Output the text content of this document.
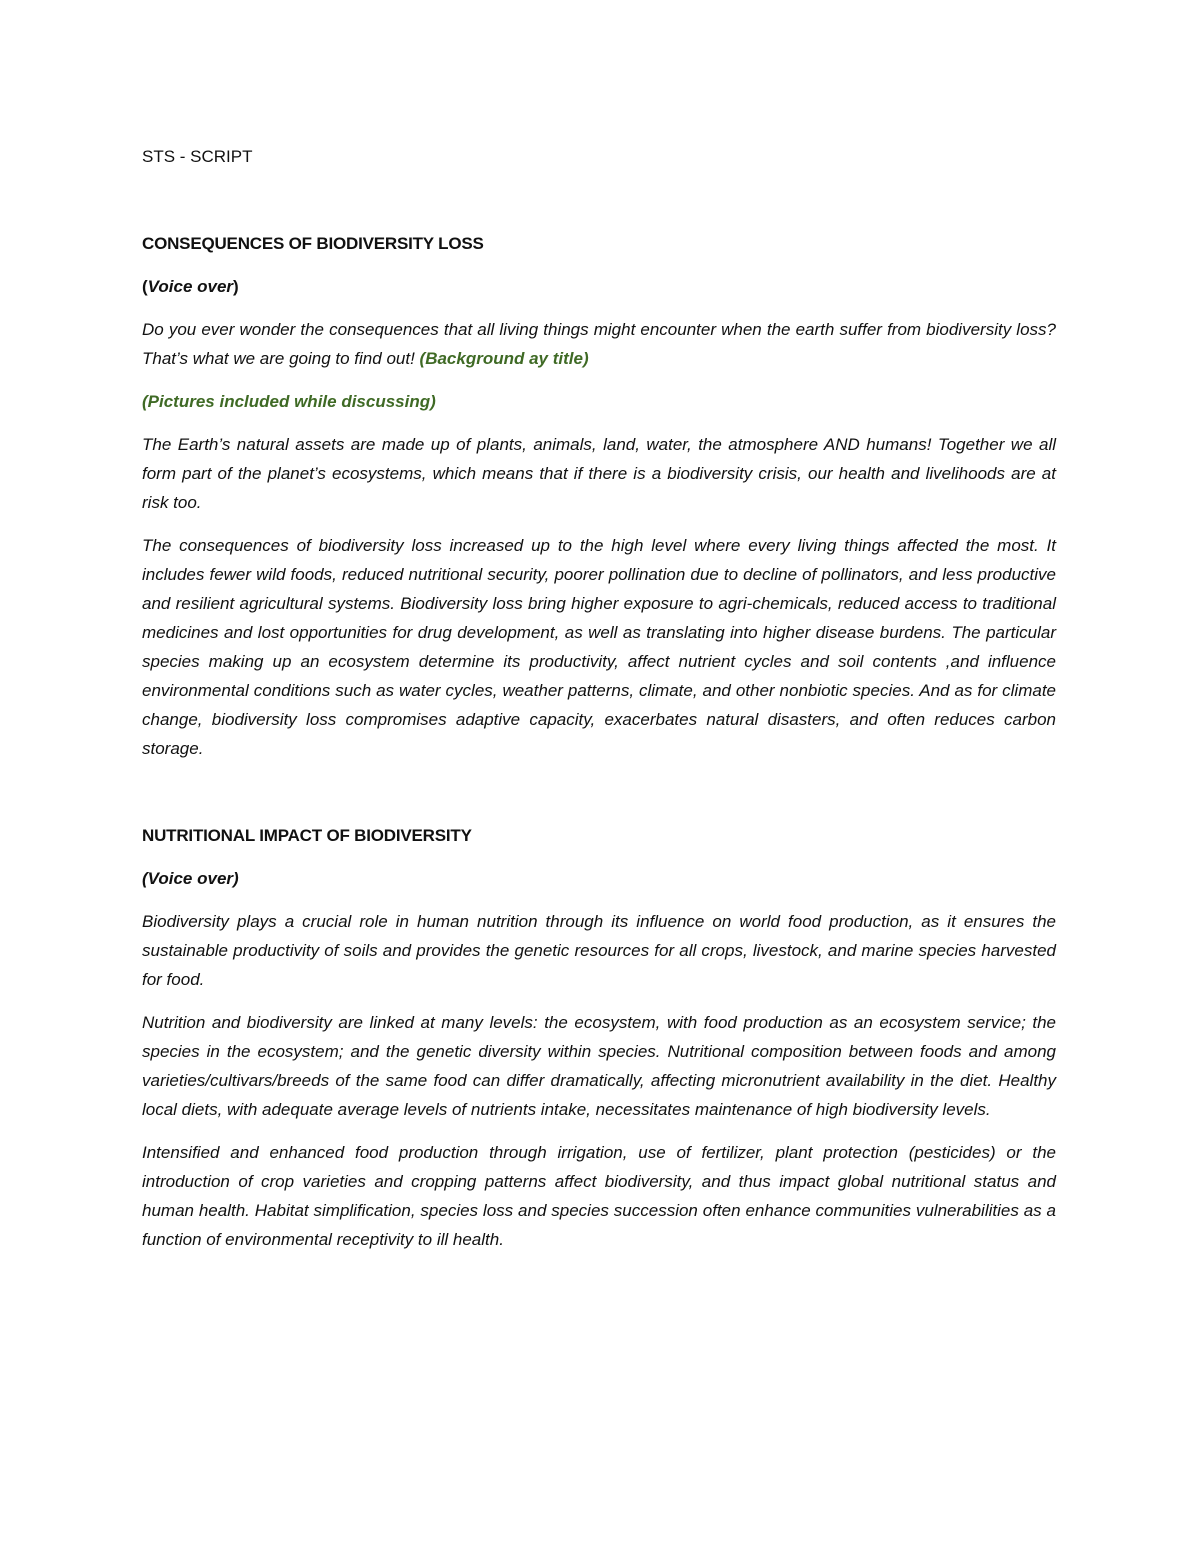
STS - SCRIPT

CONSEQUENCES OF BIODIVERSITY LOSS

(Voice over)

Do you ever wonder the consequences that all living things might encounter when the earth suffer from biodiversity loss? That’s what we are going to find out! (Background ay title)

(Pictures included while discussing)

The Earth’s natural assets are made up of plants, animals, land, water, the atmosphere AND humans! Together we all form part of the planet’s ecosystems, which means that if there is a biodiversity crisis, our health and livelihoods are at risk too.

The consequences of biodiversity loss increased up to the high level where every living things affected the most. It includes fewer wild foods, reduced nutritional security, poorer pollination due to decline of pollinators, and less productive and resilient agricultural systems. Biodiversity loss bring higher exposure to agri-chemicals, reduced access to traditional medicines and lost opportunities for drug development, as well as translating into higher disease burdens. The particular species making up an ecosystem determine its productivity, affect nutrient cycles and soil contents ,and influence environmental conditions such as water cycles, weather patterns, climate, and other nonbiotic species. And as for climate change, biodiversity loss compromises adaptive capacity, exacerbates natural disasters, and often reduces carbon storage.

NUTRITIONAL IMPACT OF BIODIVERSITY

(Voice over)

Biodiversity plays a crucial role in human nutrition through its influence on world food production, as it ensures the sustainable productivity of soils and provides the genetic resources for all crops, livestock, and marine species harvested for food.

Nutrition and biodiversity are linked at many levels: the ecosystem, with food production as an ecosystem service; the species in the ecosystem; and the genetic diversity within species. Nutritional composition between foods and among varieties/cultivars/breeds of the same food can differ dramatically, affecting micronutrient availability in the diet. Healthy local diets, with adequate average levels of nutrients intake, necessitates maintenance of high biodiversity levels.

Intensified and enhanced food production through irrigation, use of fertilizer, plant protection (pesticides) or the introduction of crop varieties and cropping patterns affect biodiversity, and thus impact global nutritional status and human health. Habitat simplification, species loss and species succession often enhance communities vulnerabilities as a function of environmental receptivity to ill health.
